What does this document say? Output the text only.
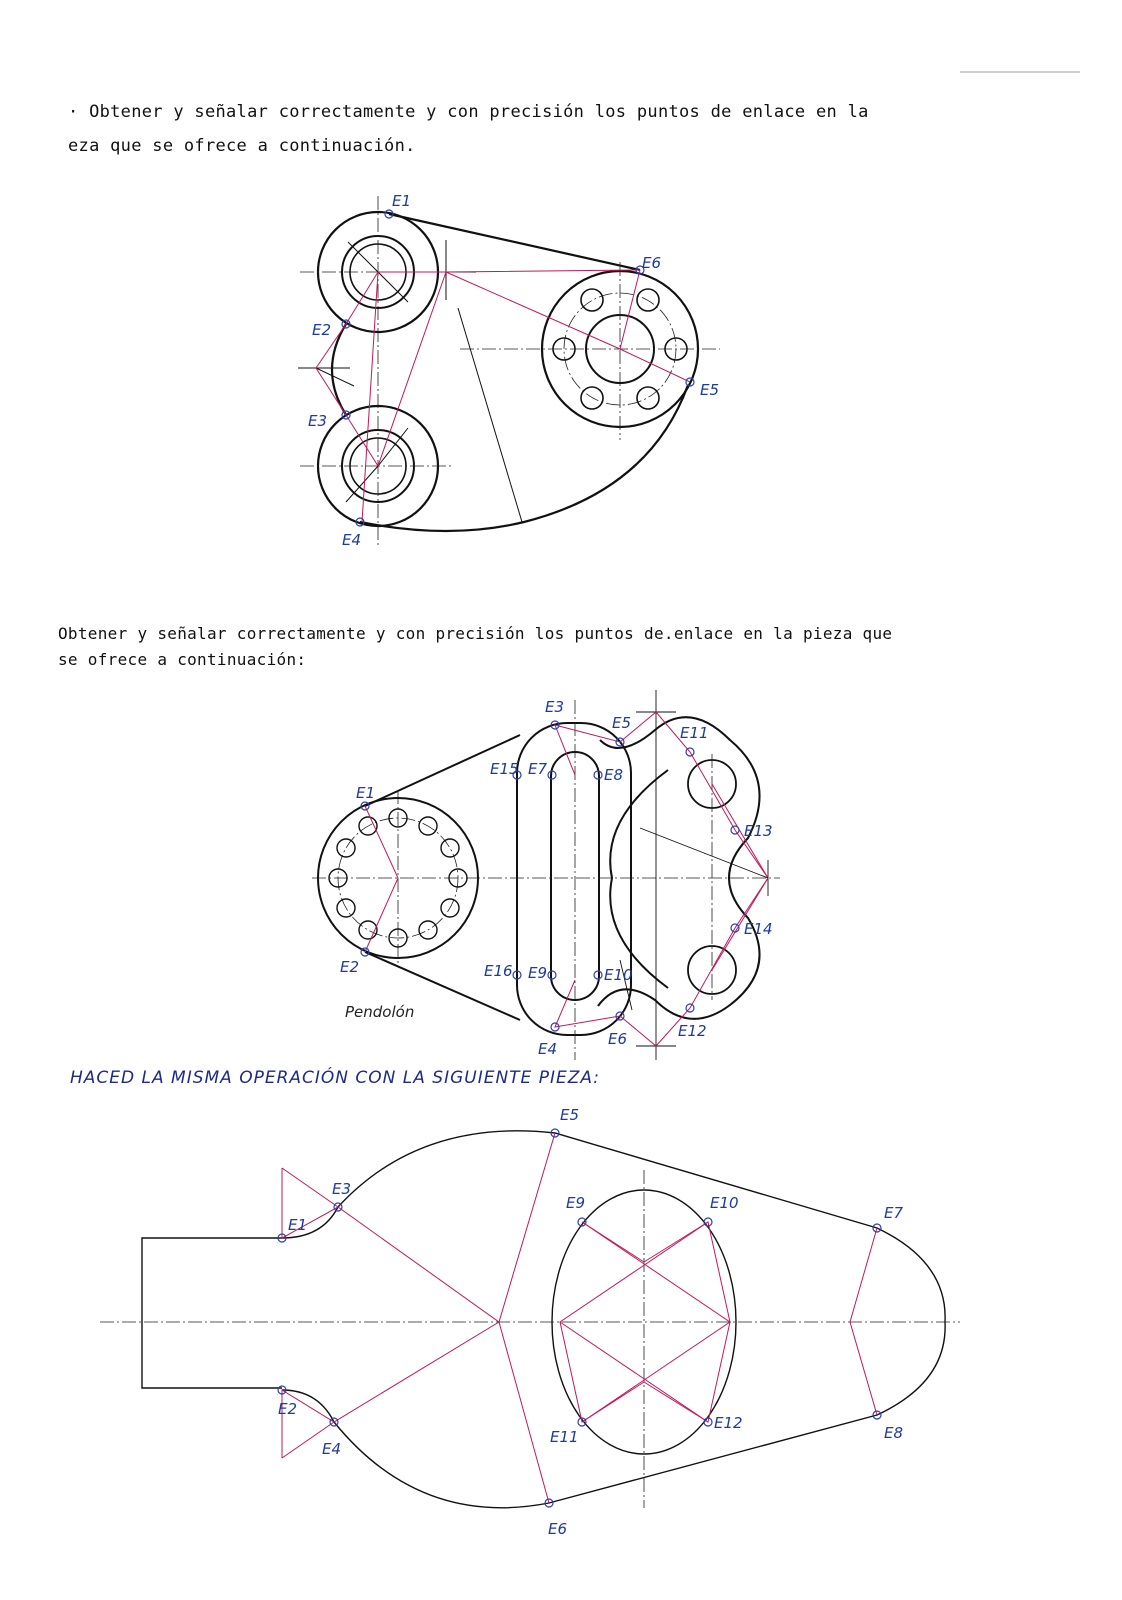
· Obtener y señalar correctamente y con precisión los puntos de enlace en la
eza que se ofrece a continuación.
Obtener y señalar correctamente y con precisión los puntos de.enlace en la pieza que
se ofrece a continuación:
Pendolón
HACED LA MISMA OPERACIÓN CON LA SIGUIENTE PIEZA:
E1
E2
E3
E4
E5
E6
E1
E2
E3
E4
E5
E6
E7	E8
E9	E10
E11
E12
E13
E14
E15
E16
E1
E2
E3
E4
E5
E6
E7
E8
E9	E10
E11
E12
